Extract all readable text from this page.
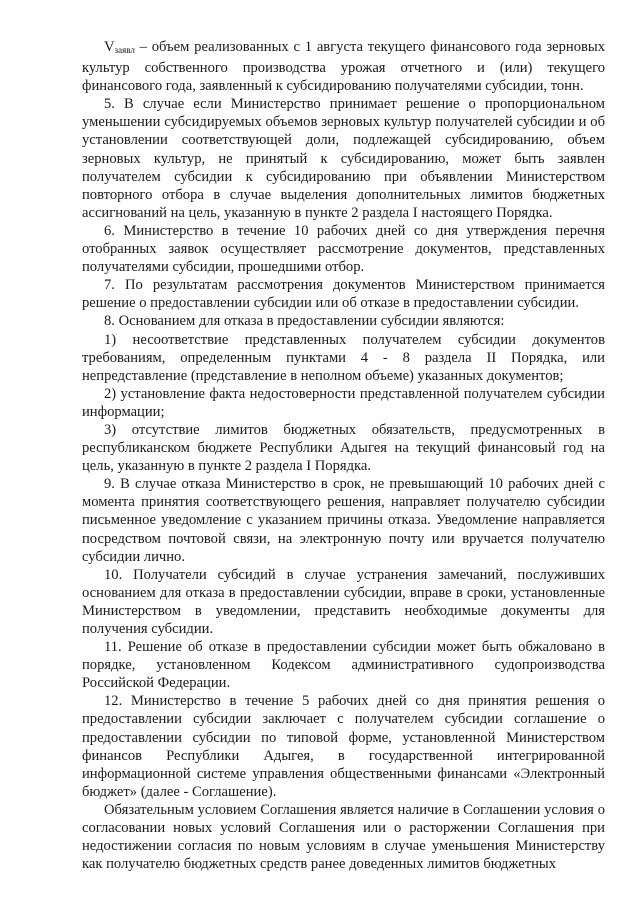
Vзаявл – объем реализованных с 1 августа текущего финансового года зерновых культур собственного производства урожая отчетного и (или) текущего финансового года, заявленный к субсидированию получателями субсидии, тонн.

5. В случае если Министерство принимает решение о пропорциональном уменьшении субсидируемых объемов зерновых культур получателей субсидии и об установлении соответствующей доли, подлежащей субсидированию, объем зерновых культур, не принятый к субсидированию, может быть заявлен получателем субсидии к субсидированию при объявлении Министерством повторного отбора в случае выделения дополнительных лимитов бюджетных ассигнований на цель, указанную в пункте 2 раздела I настоящего Порядка.

6. Министерство в течение 10 рабочих дней со дня утверждения перечня отобранных заявок осуществляет рассмотрение документов, представленных получателями субсидии, прошедшими отбор.

7. По результатам рассмотрения документов Министерством принимается решение о предоставлении субсидии или об отказе в предоставлении субсидии.

8. Основанием для отказа в предоставлении субсидии являются:

1) несоответствие представленных получателем субсидии документов требованиям, определенным пунктами 4 - 8 раздела II Порядка, или непредставление (представление в неполном объеме) указанных документов;

2) установление факта недостоверности представленной получателем субсидии информации;

3) отсутствие лимитов бюджетных обязательств, предусмотренных в республиканском бюджете Республики Адыгея на текущий финансовый год на цель, указанную в пункте 2 раздела I Порядка.

9. В случае отказа Министерство в срок, не превышающий 10 рабочих дней с момента принятия соответствующего решения, направляет получателю субсидии письменное уведомление с указанием причины отказа. Уведомление направляется посредством почтовой связи, на электронную почту или вручается получателю субсидии лично.

10. Получатели субсидий в случае устранения замечаний, послуживших основанием для отказа в предоставлении субсидии, вправе в сроки, установленные Министерством в уведомлении, представить необходимые документы для получения субсидии.

11. Решение об отказе в предоставлении субсидии может быть обжаловано в порядке, установленном Кодексом административного судопроизводства Российской Федерации.

12. Министерство в течение 5 рабочих дней со дня принятия решения о предоставлении субсидии заключает с получателем субсидии соглашение о предоставлении субсидии по типовой форме, установленной Министерством финансов Республики Адыгея, в государственной интегрированной информационной системе управления общественными финансами «Электронный бюджет» (далее - Соглашение).

Обязательным условием Соглашения является наличие в Соглашении условия о согласовании новых условий Соглашения или о расторжении Соглашения при недостижении согласия по новым условиям в случае уменьшения Министерству как получателю бюджетных средств ранее доведенных лимитов бюджетных
